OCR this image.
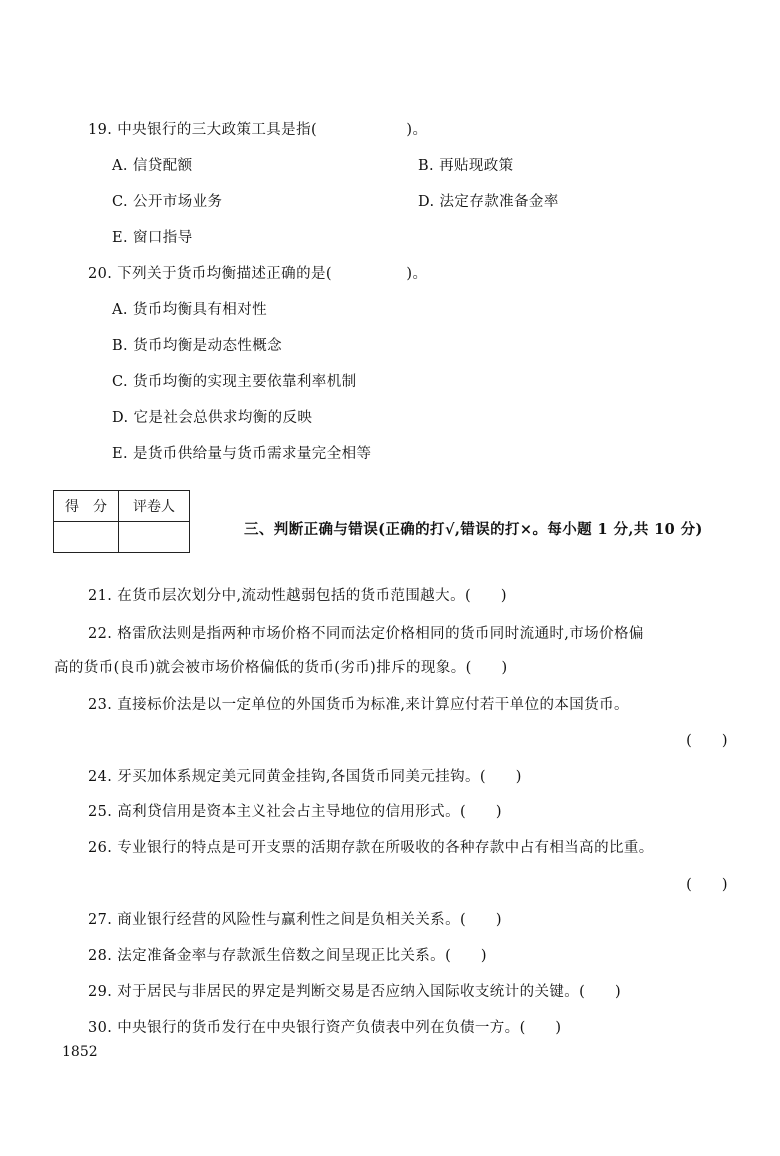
19. 中央银行的三大政策工具是指(　　　　　　)。
A. 信贷配额	B. 再贴现政策
C. 公开市场业务	D. 法定存款准备金率
E. 窗口指导
20. 下列关于货币均衡描述正确的是(　　　　　)。
A. 货币均衡具有相对性
B. 货币均衡是动态性概念
C. 货币均衡的实现主要依靠利率机制
D. 它是社会总供求均衡的反映
E. 是货币供给量与货币需求量完全相等
得　分	评卷人

三、判断正确与错误(正确的打√,错误的打×。每小题 1 分,共 10 分)
21. 在货币层次划分中,流动性越弱包括的货币范围越大。(　　)
22. 格雷欣法则是指两种市场价格不同而法定价格相同的货币同时流通时,市场价格偏
高的货币(良币)就会被市场价格偏低的货币(劣币)排斥的现象。(　　)
23. 直接标价法是以一定单位的外国货币为标准,来计算应付若干单位的本国货币。
(　　)
24. 牙买加体系规定美元同黄金挂钩,各国货币同美元挂钩。(　　)
25. 高利贷信用是资本主义社会占主导地位的信用形式。(　　)
26. 专业银行的特点是可开支票的活期存款在所吸收的各种存款中占有相当高的比重。
(　　)
27. 商业银行经营的风险性与赢利性之间是负相关关系。(　　)
28. 法定准备金率与存款派生倍数之间呈现正比关系。(　　)
29. 对于居民与非居民的界定是判断交易是否应纳入国际收支统计的关键。(　　)
30. 中央银行的货币发行在中央银行资产负债表中列在负债一方。(　　)
1852
